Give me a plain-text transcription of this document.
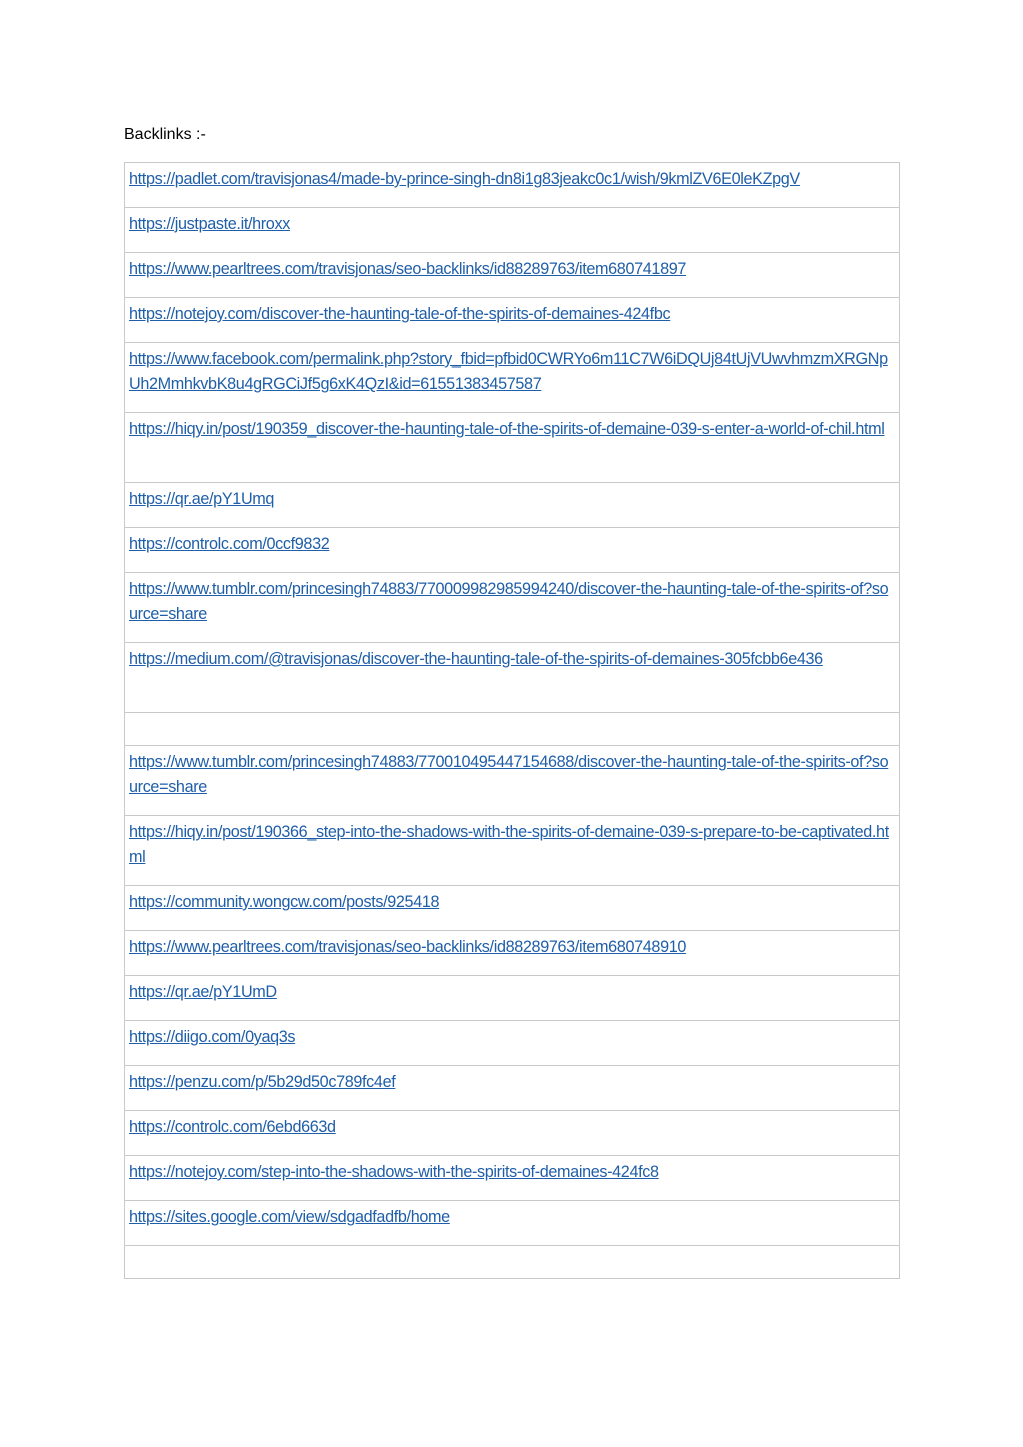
Backlinks :-
https://padlet.com/travisjonas4/made-by-prince-singh-dn8i1g83jeakc0c1/wish/9kmlZV6E0leKZpgV
https://justpaste.it/hroxx
https://www.pearltrees.com/travisjonas/seo-backlinks/id88289763/item680741897
https://notejoy.com/discover-the-haunting-tale-of-the-spirits-of-demaines-424fbc
https://www.facebook.com/permalink.php?story_fbid=pfbid0CWRYo6m11C7W6iDQUj84tUjVUwvhmzmXRGNpUh2MmhkvbK8u4gRGCiJf5g6xK4QzI&id=61551383457587
https://hiqy.in/post/190359_discover-the-haunting-tale-of-the-spirits-of-demaine-039-s-enter-a-world-of-chil.html
https://qr.ae/pY1Umq
https://controlc.com/0ccf9832
https://www.tumblr.com/princesingh74883/770009982985994240/discover-the-haunting-tale-of-the-spirits-of?source=share
https://medium.com/@travisjonas/discover-the-haunting-tale-of-the-spirits-of-demaines-305fcbb6e436

https://www.tumblr.com/princesingh74883/770010495447154688/discover-the-haunting-tale-of-the-spirits-of?source=share
https://hiqy.in/post/190366_step-into-the-shadows-with-the-spirits-of-demaine-039-s-prepare-to-be-captivated.html
https://community.wongcw.com/posts/925418
https://www.pearltrees.com/travisjonas/seo-backlinks/id88289763/item680748910
https://qr.ae/pY1UmD
https://diigo.com/0yaq3s
https://penzu.com/p/5b29d50c789fc4ef
https://controlc.com/6ebd663d
https://notejoy.com/step-into-the-shadows-with-the-spirits-of-demaines-424fc8
https://sites.google.com/view/sdgadfadfb/home
